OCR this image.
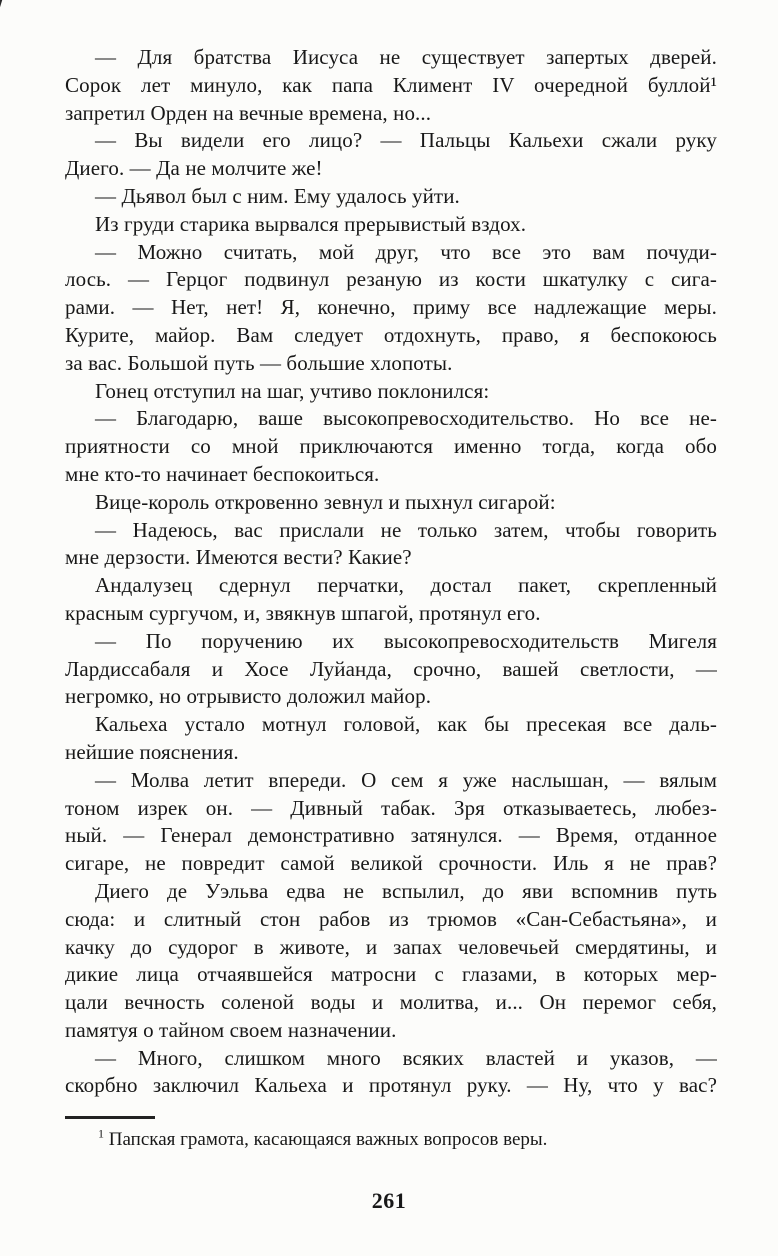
— Для братства Иисуса не существует запертых дверей.
Сорок лет минуло, как папа Климент IV очередной буллой¹
запретил Орден на вечные времена, но...
— Вы видели его лицо? — Пальцы Кальехи сжали руку
Диего. — Да не молчите же!
— Дьявол был с ним. Ему удалось уйти.
Из груди старика вырвался прерывистый вздох.
— Можно считать, мой друг, что все это вам почуди-
лось. — Герцог подвинул резаную из кости шкатулку с сига-
рами. — Нет, нет! Я, конечно, приму все надлежащие меры.
Курите, майор. Вам следует отдохнуть, право, я беспокоюсь
за вас. Большой путь — большие хлопоты.
Гонец отступил на шаг, учтиво поклонился:
— Благодарю, ваше высокопревосходительство. Но все не-
приятности со мной приключаются именно тогда, когда обо
мне кто-то начинает беспокоиться.
Вице-король откровенно зевнул и пыхнул сигарой:
— Надеюсь, вас прислали не только затем, чтобы говорить
мне дерзости. Имеются вести? Какие?
Андалузец сдернул перчатки, достал пакет, скрепленный
красным сургучом, и, звякнув шпагой, протянул его.
— По поручению их высокопревосходительств Мигеля
Лардиссабаля и Хосе Луйанда, срочно, вашей светлости, —
негромко, но отрывисто доложил майор.
Кальеха устало мотнул головой, как бы пресекая все даль-
нейшие пояснения.
— Молва летит впереди. О сем я уже наслышан, — вялым
тоном изрек он. — Дивный табак. Зря отказываетесь, любез-
ный. — Генерал демонстративно затянулся. — Время, отданное
сигаре, не повредит самой великой срочности. Иль я не прав?
Диего де Уэльва едва не вспылил, до яви вспомнив путь
сюда: и слитный стон рабов из трюмов «Сан-Себастьяна», и
качку до судорог в животе, и запах человечьей смердятины, и
дикие лица отчаявшейся матросни с глазами, в которых мер-
цали вечность соленой воды и молитва, и... Он перемог себя,
памятуя о тайном своем назначении.
— Много, слишком много всяких властей и указов, —
скорбно заключил Кальеха и протянул руку. — Ну, что у вас?
$^1$ Папская грамота, касающаяся важных вопросов веры.
261
